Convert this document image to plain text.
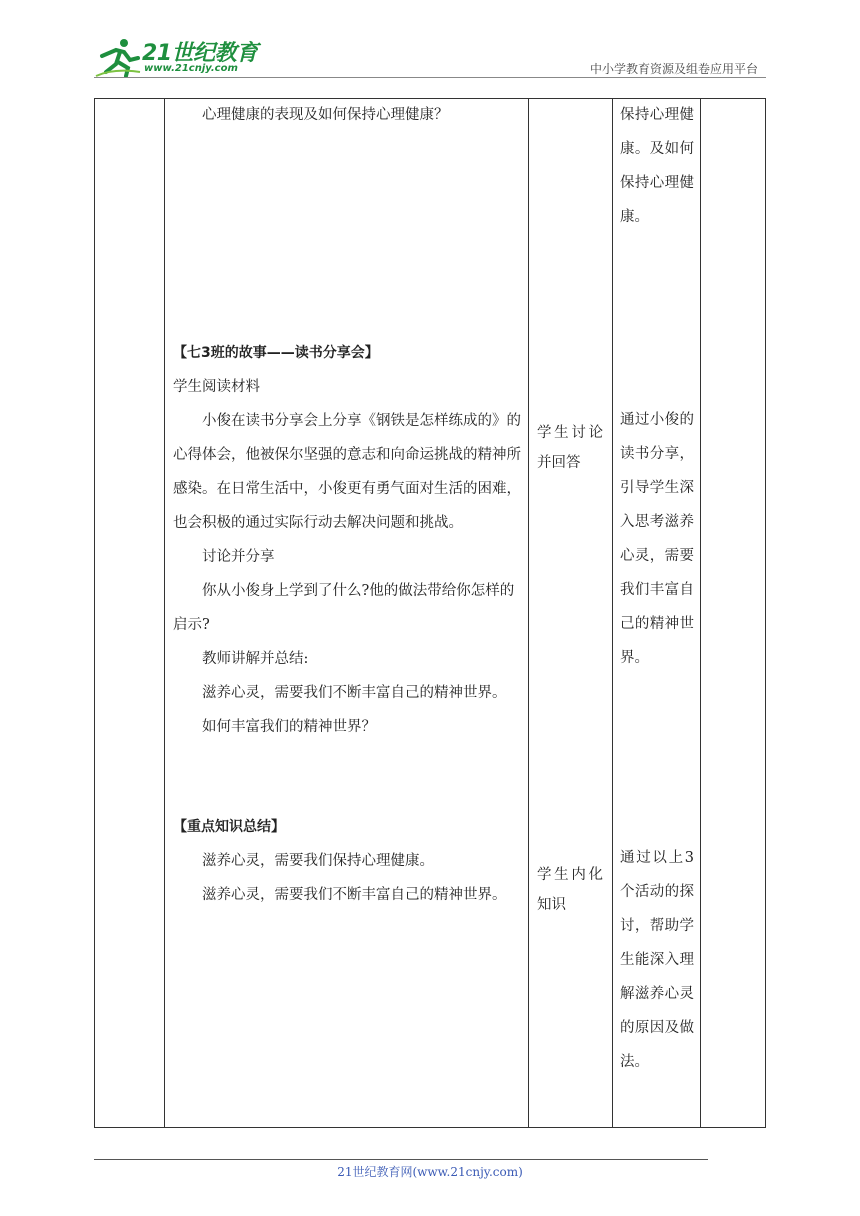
21世纪教育
www.21cnjy.com	中小学教育资源及组卷应用平台

心理健康的表现及如何保持心理健康？	保持心理健康。及如何保持心理健康。

【七3班的故事——读书分享会】

学生阅读材料

小俊在读书分享会上分享《钢铁是怎样练成的》的心得体会，他被保尔坚强的意志和向命运挑战的精神所感染。在日常生活中，小俊更有勇气面对生活的困难，也会积极的通过实际行动去解决问题和挑战。

讨论并分享

你从小俊身上学到了什么?他的做法带给你怎样的启示?

教师讲解并总结:

滋养心灵，需要我们不断丰富自己的精神世界。

如何丰富我们的精神世界？

学生讨论并回答
通过小俊的读书分享，引导学生深入思考滋养心灵，需要我们丰富自己的精神世界。

【重点知识总结】

滋养心灵，需要我们保持心理健康。

滋养心灵，需要我们不断丰富自己的精神世界。

学生内化知识
通过以上3个活动的探讨，帮助学生能深入理解滋养心灵的原因及做法。
21世纪教育网(www.21cnjy.com)
